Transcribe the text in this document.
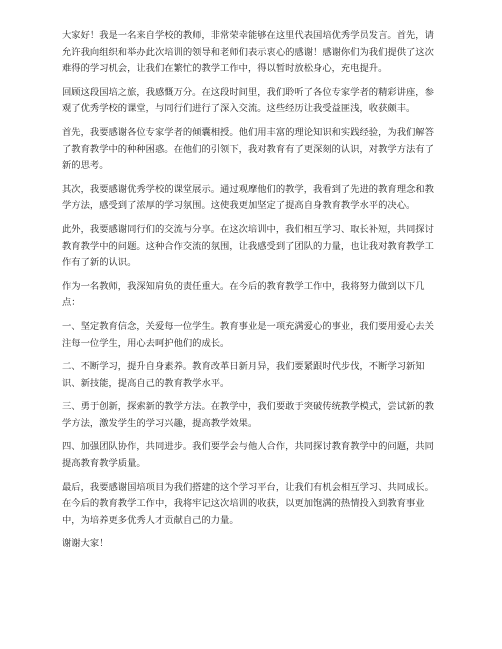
大家好！我是一名来自学校的教师，非常荣幸能够在这里代表国培优秀学员发言。首先，请允许我向组织和举办此次培训的领导和老师们表示衷心的感谢！感谢你们为我们提供了这次难得的学习机会，让我们在繁忙的教学工作中，得以暂时放松身心，充电提升。

回顾这段国培之旅，我感慨万分。在这段时间里，我们聆听了各位专家学者的精彩讲座，参观了优秀学校的课堂，与同行们进行了深入交流。这些经历让我受益匪浅，收获颇丰。

首先，我要感谢各位专家学者的倾囊相授。他们用丰富的理论知识和实践经验，为我们解答了教育教学中的种种困惑。在他们的引领下，我对教育有了更深刻的认识，对教学方法有了新的思考。

其次，我要感谢优秀学校的课堂展示。通过观摩他们的教学，我看到了先进的教育理念和教学方法，感受到了浓厚的学习氛围。这使我更加坚定了提高自身教育教学水平的决心。

此外，我要感谢同行们的交流与分享。在这次培训中，我们相互学习、取长补短，共同探讨教育教学中的问题。这种合作交流的氛围，让我感受到了团队的力量，也让我对教育教学工作有了新的认识。

作为一名教师，我深知肩负的责任重大。在今后的教育教学工作中，我将努力做到以下几点：

一、坚定教育信念，关爱每一位学生。教育事业是一项充满爱心的事业，我们要用爱心去关注每一位学生，用心去呵护他们的成长。

二、不断学习，提升自身素养。教育改革日新月异，我们要紧跟时代步伐，不断学习新知识、新技能，提高自己的教育教学水平。

三、勇于创新，探索新的教学方法。在教学中，我们要敢于突破传统教学模式，尝试新的教学方法，激发学生的学习兴趣，提高教学效果。

四、加强团队协作，共同进步。我们要学会与他人合作，共同探讨教育教学中的问题，共同提高教育教学质量。

最后，我要感谢国培项目为我们搭建的这个学习平台，让我们有机会相互学习、共同成长。在今后的教育教学工作中，我将牢记这次培训的收获，以更加饱满的热情投入到教育事业中，为培养更多优秀人才贡献自己的力量。

谢谢大家！
